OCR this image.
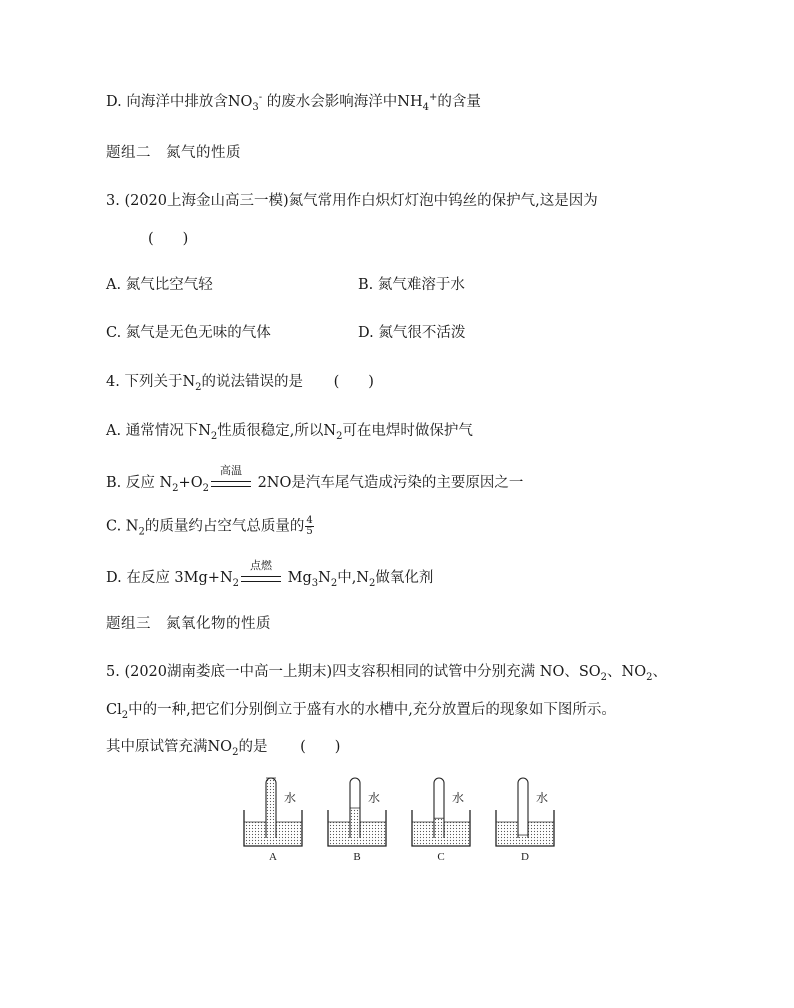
D. 向海洋中排放含$NO_3^-$ 的废水会影响海洋中$NH_4^+$的含量
题组二　氮气的性质
3. (2020上海金山高三一模)氮气常用作白炽灯灯泡中钨丝的保护气,这是因为
(　　)
A. 氮气比空气轻	B. 氮气难溶于水
C. 氮气是无色无味的气体	D. 氮气很不活泼
4. 下列关于$N_2$的说法错误的是 (　　)
A. 通常情况下$N_2$性质很稳定,所以$N_2$可在电焊时做保护气
B. 反应 $N_2+O_2$
高温
2NO是汽车尾气造成污染的主要原因之一
C. $N_2$的质量约占空气总质量的 $\frac{4}{5}$
D. 在反应 $3Mg+N_2$
点燃
$Mg_3N_2$中$,N_2$做氧化剂
题组三　氮氧化物的性质
5. (2020湖南娄底一中高一上期末)四支容积相同的试管中分别充满 NO、$SO_2$、$NO_2$、
$Cl_2$中的一种,把它们分别倒立于盛有水的水槽中,充分放置后的现象如下图所示。
其中原试管充满$NO_2$的是 (　　)
水
A
水
B
水
C
水
D
